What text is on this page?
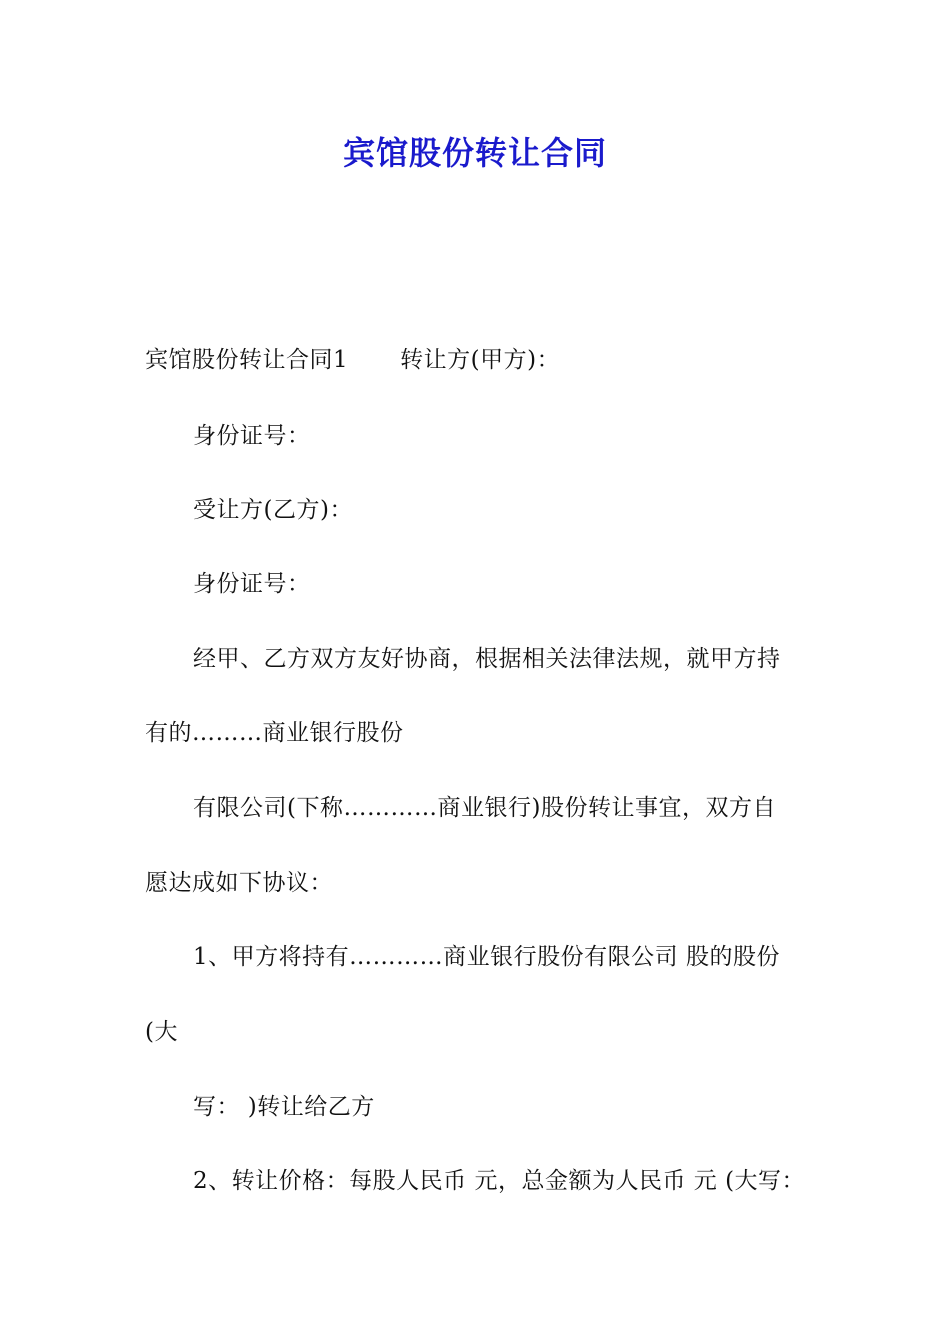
宾馆股份转让合同
宾馆股份转让合同1 转让方(甲方)：
身份证号：
受让方(乙方)：
身份证号：
经甲、乙方双方友好协商，根据相关法律法规，就甲方持
有的………商业银行股份
有限公司(下称…………商业银行)股份转让事宜，双方自
愿达成如下协议：
1、甲方将持有…………商业银行股份有限公司 股的股份
(大
写： )转让给乙方
2、转让价格：每股人民币 元，总金额为人民币 元 (大写：
